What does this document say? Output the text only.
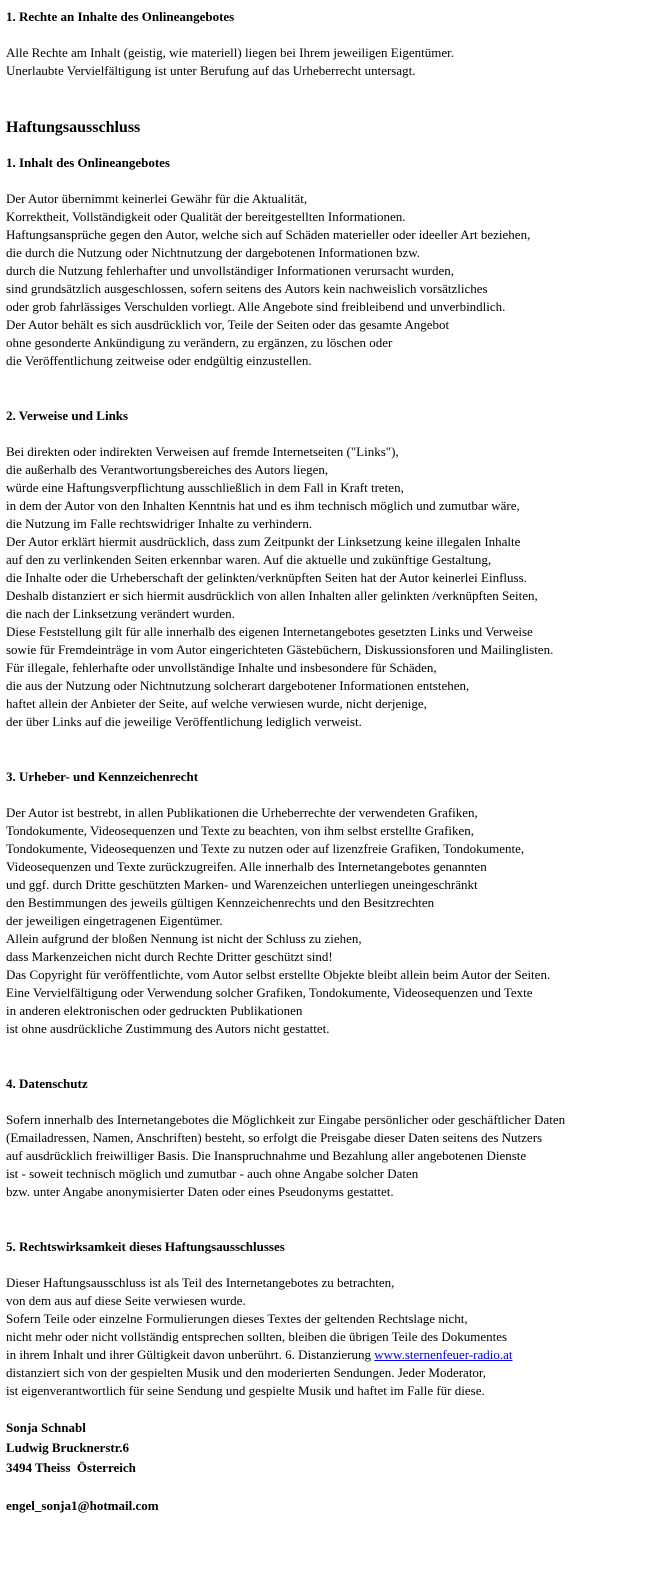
1. Rechte an Inhalte des Onlineangebotes
Alle Rechte am Inhalt (geistig, wie materiell) liegen bei Ihrem jeweiligen Eigentümer.
Unerlaubte Vervielfältigung ist unter Berufung auf das Urheberrecht untersagt.
Haftungsausschluss
1. Inhalt des Onlineangebotes
Der Autor übernimmt keinerlei Gewähr für die Aktualität,
Korrektheit, Vollständigkeit oder Qualität der bereitgestellten Informationen.
Haftungsansprüche gegen den Autor, welche sich auf Schäden materieller oder ideeller Art beziehen,
die durch die Nutzung oder Nichtnutzung der dargebotenen Informationen bzw.
durch die Nutzung fehlerhafter und unvollständiger Informationen verursacht wurden,
sind grundsätzlich ausgeschlossen, sofern seitens des Autors kein nachweislich vorsätzliches
oder grob fahrlässiges Verschulden vorliegt. Alle Angebote sind freibleibend und unverbindlich.
Der Autor behält es sich ausdrücklich vor, Teile der Seiten oder das gesamte Angebot
ohne gesonderte Ankündigung zu verändern, zu ergänzen, zu löschen oder
die Veröffentlichung zeitweise oder endgültig einzustellen.
2. Verweise und Links
Bei direkten oder indirekten Verweisen auf fremde Internetseiten ("Links"),
die außerhalb des Verantwortungsbereiches des Autors liegen,
würde eine Haftungsverpflichtung ausschließlich in dem Fall in Kraft treten,
in dem der Autor von den Inhalten Kenntnis hat und es ihm technisch möglich und zumutbar wäre,
die Nutzung im Falle rechtswidriger Inhalte zu verhindern.
Der Autor erklärt hiermit ausdrücklich, dass zum Zeitpunkt der Linksetzung keine illegalen Inhalte
auf den zu verlinkenden Seiten erkennbar waren. Auf die aktuelle und zukünftige Gestaltung,
die Inhalte oder die Urheberschaft der gelinkten/verknüpften Seiten hat der Autor keinerlei Einfluss.
Deshalb distanziert er sich hiermit ausdrücklich von allen Inhalten aller gelinkten /verknüpften Seiten,
die nach der Linksetzung verändert wurden.
Diese Feststellung gilt für alle innerhalb des eigenen Internetangebotes gesetzten Links und Verweise
sowie für Fremdeinträge in vom Autor eingerichteten Gästebüchern, Diskussionsforen und Mailinglisten.
Für illegale, fehlerhafte oder unvollständige Inhalte und insbesondere für Schäden,
die aus der Nutzung oder Nichtnutzung solcherart dargebotener Informationen entstehen,
haftet allein der Anbieter der Seite, auf welche verwiesen wurde, nicht derjenige,
der über Links auf die jeweilige Veröffentlichung lediglich verweist.
3. Urheber- und Kennzeichenrecht
Der Autor ist bestrebt, in allen Publikationen die Urheberrechte der verwendeten Grafiken,
Tondokumente, Videosequenzen und Texte zu beachten, von ihm selbst erstellte Grafiken,
Tondokumente, Videosequenzen und Texte zu nutzen oder auf lizenzfreie Grafiken, Tondokumente,
Videosequenzen und Texte zurückzugreifen. Alle innerhalb des Internetangebotes genannten
und ggf. durch Dritte geschützten Marken- und Warenzeichen unterliegen uneingeschränkt
den Bestimmungen des jeweils gültigen Kennzeichenrechts und den Besitzrechten
der jeweiligen eingetragenen Eigentümer.
Allein aufgrund der bloßen Nennung ist nicht der Schluss zu ziehen,
dass Markenzeichen nicht durch Rechte Dritter geschützt sind!
Das Copyright für veröffentlichte, vom Autor selbst erstellte Objekte bleibt allein beim Autor der Seiten.
Eine Vervielfältigung oder Verwendung solcher Grafiken, Tondokumente, Videosequenzen und Texte
in anderen elektronischen oder gedruckten Publikationen
ist ohne ausdrückliche Zustimmung des Autors nicht gestattet.
4. Datenschutz
Sofern innerhalb des Internetangebotes die Möglichkeit zur Eingabe persönlicher oder geschäftlicher Daten
(Emailadressen, Namen, Anschriften) besteht, so erfolgt die Preisgabe dieser Daten seitens des Nutzers
auf ausdrücklich freiwilliger Basis. Die Inanspruchnahme und Bezahlung aller angebotenen Dienste
ist - soweit technisch möglich und zumutbar - auch ohne Angabe solcher Daten
bzw. unter Angabe anonymisierter Daten oder eines Pseudonyms gestattet.
5. Rechtswirksamkeit dieses Haftungsausschlusses
Dieser Haftungsausschluss ist als Teil des Internetangebotes zu betrachten,
von dem aus auf diese Seite verwiesen wurde.
Sofern Teile oder einzelne Formulierungen dieses Textes der geltenden Rechtslage nicht,
nicht mehr oder nicht vollständig entsprechen sollten, bleiben die übrigen Teile des Dokumentes
in ihrem Inhalt und ihrer Gültigkeit davon unberührt. 6. Distanzierung www.sternenfeuer-radio.at
distanziert sich von der gespielten Musik und den moderierten Sendungen. Jeder Moderator,
ist eigenverantwortlich für seine Sendung und gespielte Musik und haftet im Falle für diese.
Sonja Schnabl
Ludwig Brucknerstr.6
3494 Theiss  Österreich
engel_sonja1@hotmail.com
